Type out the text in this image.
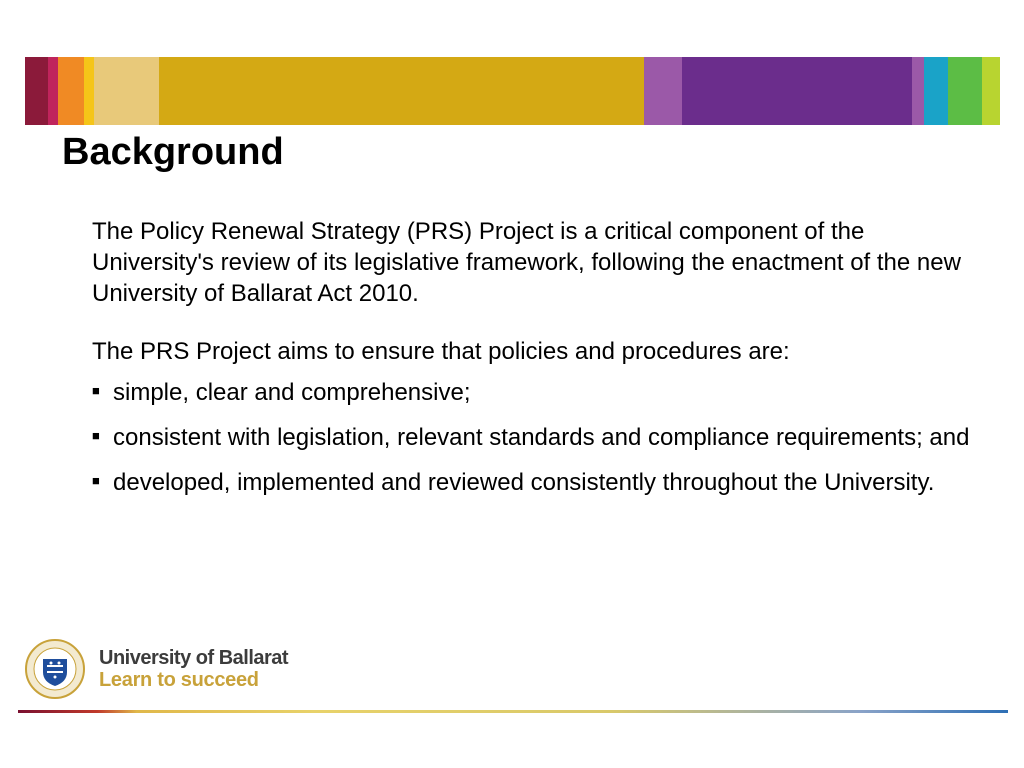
Background

The Policy Renewal Strategy (PRS) Project is a critical component of the University's review of its legislative framework, following the enactment of the new University of Ballarat Act 2010.

The PRS Project aims to ensure that policies and procedures are:

■ simple, clear and comprehensive;
■ consistent with legislation, relevant standards and compliance requirements; and
■ developed, implemented and reviewed consistently throughout the University.
University of Ballarat
Learn to succeed
